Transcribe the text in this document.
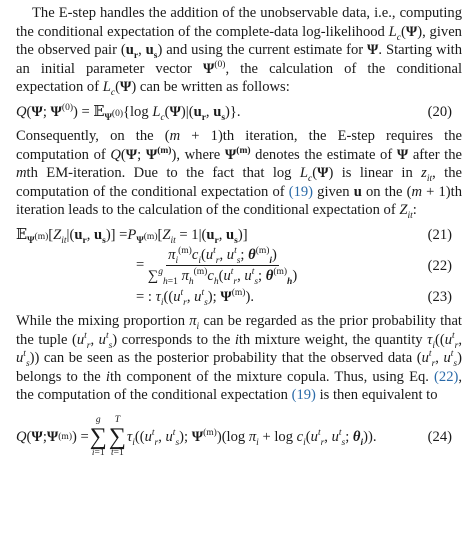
The E-step handles the addition of the unobservable data, i.e., computing the conditional expectation of the complete-data log-likelihood $L_c(\Psi)$, given the observed pair ($u_r$, $u_s$) and using the current estimate for Ψ. Starting with an initial parameter vector $\Psi^{(0)}$, the calculation of the conditional expectation of $L_c(\Psi)$ can be written as follows:

Q(Ψ; $\Psi^{(0)}$) = 𝔼$_{\Psi^{(0)}}${log $L_c(\Psi)|(u_r$, $u_s$)}.	(20)

Consequently, on the (m + 1)th iteration, the E-step requires the computation of Q(Ψ; $\Psi^{(m)}$), where $\Psi^{(m)}$ denotes the estimate of Ψ after the mth EM-iteration. Due to the fact that $\log L_c(\Psi)$ is linear in $z_{it}$, the computation of the conditional expectation of (19) given u on the (m + 1)th iteration leads to the calculation of the conditional expectation of $Z_{it}$:

$𝔼_{\Psi^{(m)}}[Z_{it}|(u_r$, $u_s)] =P_{\Psi^{(m)}}[Z_{it} = 1|(u_r$, $u_s$)]	(21)
= $\frac{\pi_i^{(m)}c_i(u^t_r, u^t_s; \theta^{(m)}_i)}{\sum^g_{h=1} \pi_h^{(m)}c_h(u^t_r, u^t_s; \theta^{(m)}_h)}$	(22)
= : $\tau_i((u^t_r$, $u^t_s$); $\Psi^{(m)}$).	(23)

While the mixing proportion $\pi_i$ can be regarded as the prior probability that the tuple ($u^t_r$, $u^t_s$) corresponds to the ith mixture weight, the quantity $\tau_i((u^t_r$, $u^t_s$)) can be seen as the posterior probability that the observed data ($u^t_r$, $u^t_s$) belongs to the ith component of the mixture copula. Thus, using Eq. (22), the computation of the conditional expectation (19) is then equivalent to

Q ( Ψ ; Ψ (m) ) =
g
∑
i=1
T
∑
t=1
$\tau_i((u^t_r$, $u^t_s$); $\Psi^{(m)})(\log$ $\pi_i + \log c_i(u^t_r$, $u^t_s$; $\theta_i$)).	(24)
